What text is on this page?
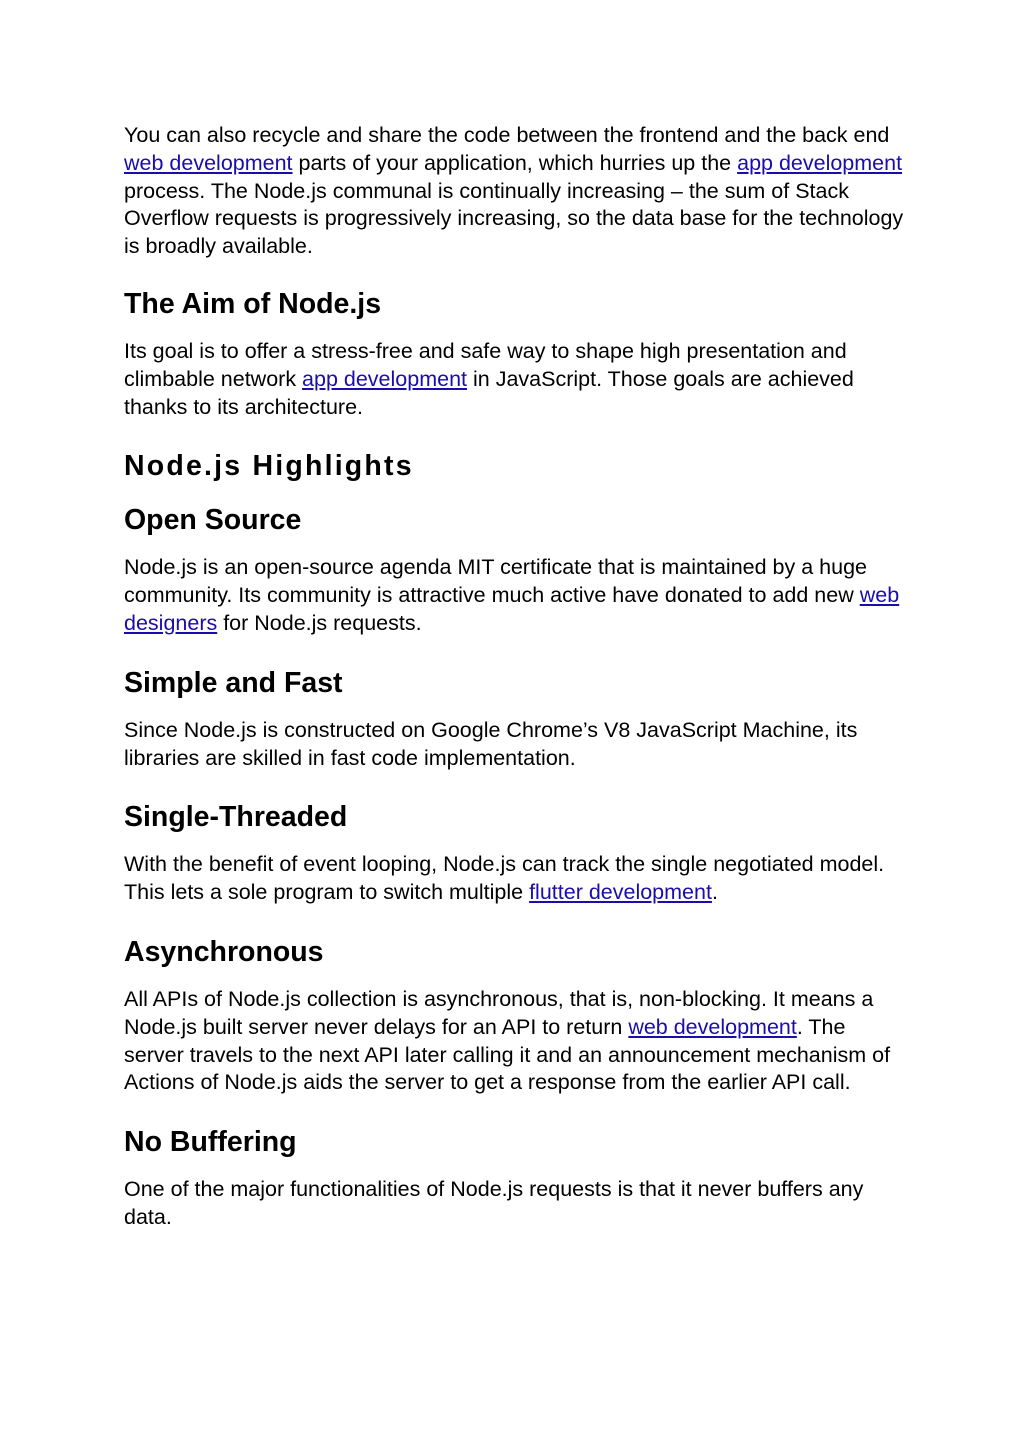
You can also recycle and share the code between the frontend and the back end web development parts of your application, which hurries up the app development process. The Node.js communal is continually increasing – the sum of Stack Overflow requests is progressively increasing, so the data base for the technology is broadly available.

The Aim of Node.js

Its goal is to offer a stress-free and safe way to shape high presentation and climbable network app development in JavaScript. Those goals are achieved thanks to its architecture.

Node.js Highlights
Open Source

Node.js is an open-source agenda MIT certificate that is maintained by a huge community. Its community is attractive much active have donated to add new web designers for Node.js requests.

Simple and Fast

Since Node.js is constructed on Google Chrome’s V8 JavaScript Machine, its libraries are skilled in fast code implementation.

Single-Threaded

With the benefit of event looping, Node.js can track the single negotiated model. This lets a sole program to switch multiple flutter development.

Asynchronous

All APIs of Node.js collection is asynchronous, that is, non-blocking. It means a Node.js built server never delays for an API to return web development. The server travels to the next API later calling it and an announcement mechanism of Actions of Node.js aids the server to get a response from the earlier API call.

No Buffering

One of the major functionalities of Node.js requests is that it never buffers any data.
